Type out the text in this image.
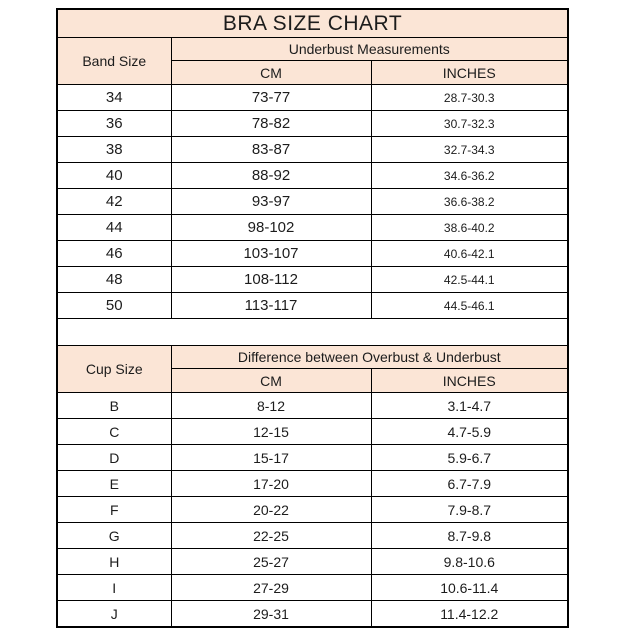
BRA SIZE CHART		
Band Size	Underbust Measurements	
	CM	INCHES
34	73-77	28.7-30.3
36	78-82	30.7-32.3
38	83-87	32.7-34.3
40	88-92	34.6-36.2
42	93-97	36.6-38.2
44	98-102	38.6-40.2
46	103-107	40.6-42.1
48	108-112	42.5-44.1
50	113-117	44.5-46.1

Cup Size	Difference between Overbust & Underbust	
	CM	INCHES
B	8-12	3.1-4.7
C	12-15	4.7-5.9
D	15-17	5.9-6.7
E	17-20	6.7-7.9
F	20-22	7.9-8.7
G	22-25	8.7-9.8
H	25-27	9.8-10.6
I	27-29	10.6-11.4
J	29-31	11.4-12.2
